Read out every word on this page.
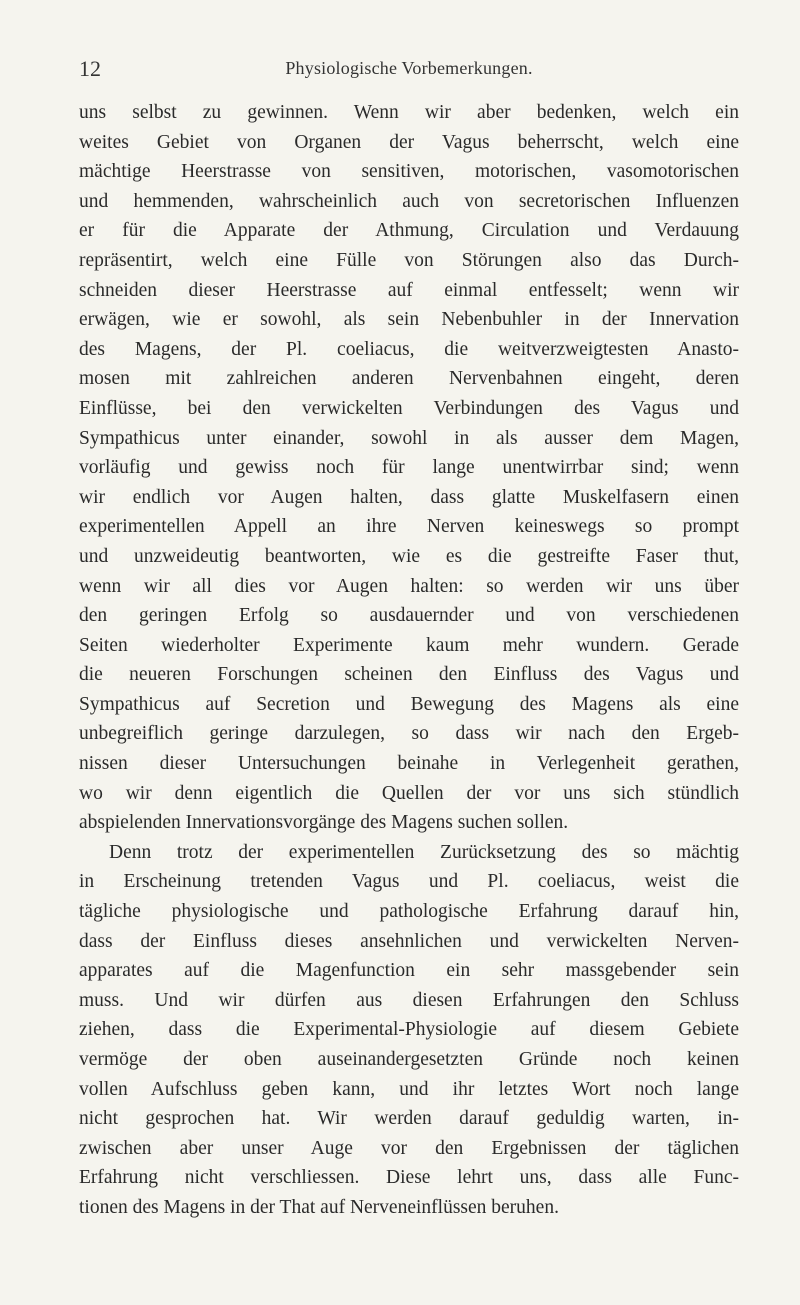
12	Physiologische Vorbemerkungen.
uns selbst zu gewinnen. Wenn wir aber bedenken, welch ein
weites Gebiet von Organen der Vagus beherrscht, welch eine
mächtige Heerstrasse von sensitiven, motorischen, vasomotorischen
und hemmenden, wahrscheinlich auch von secretorischen Influenzen
er für die Apparate der Athmung, Circulation und Verdauung
repräsentirt, welch eine Fülle von Störungen also das Durch-
schneiden dieser Heerstrasse auf einmal entfesselt; wenn wir
erwägen, wie er sowohl, als sein Nebenbuhler in der Innervation
des Magens, der Pl. coeliacus, die weitverzweigtesten Anasto-
mosen mit zahlreichen anderen Nervenbahnen eingeht, deren
Einflüsse, bei den verwickelten Verbindungen des Vagus und
Sympathicus unter einander, sowohl in als ausser dem Magen,
vorläufig und gewiss noch für lange unentwirrbar sind; wenn
wir endlich vor Augen halten, dass glatte Muskelfasern einen
experimentellen Appell an ihre Nerven keineswegs so prompt
und unzweideutig beantworten, wie es die gestreifte Faser thut,
wenn wir all dies vor Augen halten: so werden wir uns über
den geringen Erfolg so ausdauernder und von verschiedenen
Seiten wiederholter Experimente kaum mehr wundern. Gerade
die neueren Forschungen scheinen den Einfluss des Vagus und
Sympathicus auf Secretion und Bewegung des Magens als eine
unbegreiflich geringe darzulegen, so dass wir nach den Ergeb-
nissen dieser Untersuchungen beinahe in Verlegenheit gerathen,
wo wir denn eigentlich die Quellen der vor uns sich stündlich
abspielenden Innervationsvorgänge des Magens suchen sollen.
Denn trotz der experimentellen Zurücksetzung des so mächtig
in Erscheinung tretenden Vagus und Pl. coeliacus, weist die
tägliche physiologische und pathologische Erfahrung darauf hin,
dass der Einfluss dieses ansehnlichen und verwickelten Nerven-
apparates auf die Magenfunction ein sehr massgebender sein
muss. Und wir dürfen aus diesen Erfahrungen den Schluss
ziehen, dass die Experimental-Physiologie auf diesem Gebiete
vermöge der oben auseinandergesetzten Gründe noch keinen
vollen Aufschluss geben kann, und ihr letztes Wort noch lange
nicht gesprochen hat. Wir werden darauf geduldig warten, in-
zwischen aber unser Auge vor den Ergebnissen der täglichen
Erfahrung nicht verschliessen. Diese lehrt uns, dass alle Func-
tionen des Magens in der That auf Nerveneinflüssen beruhen.
